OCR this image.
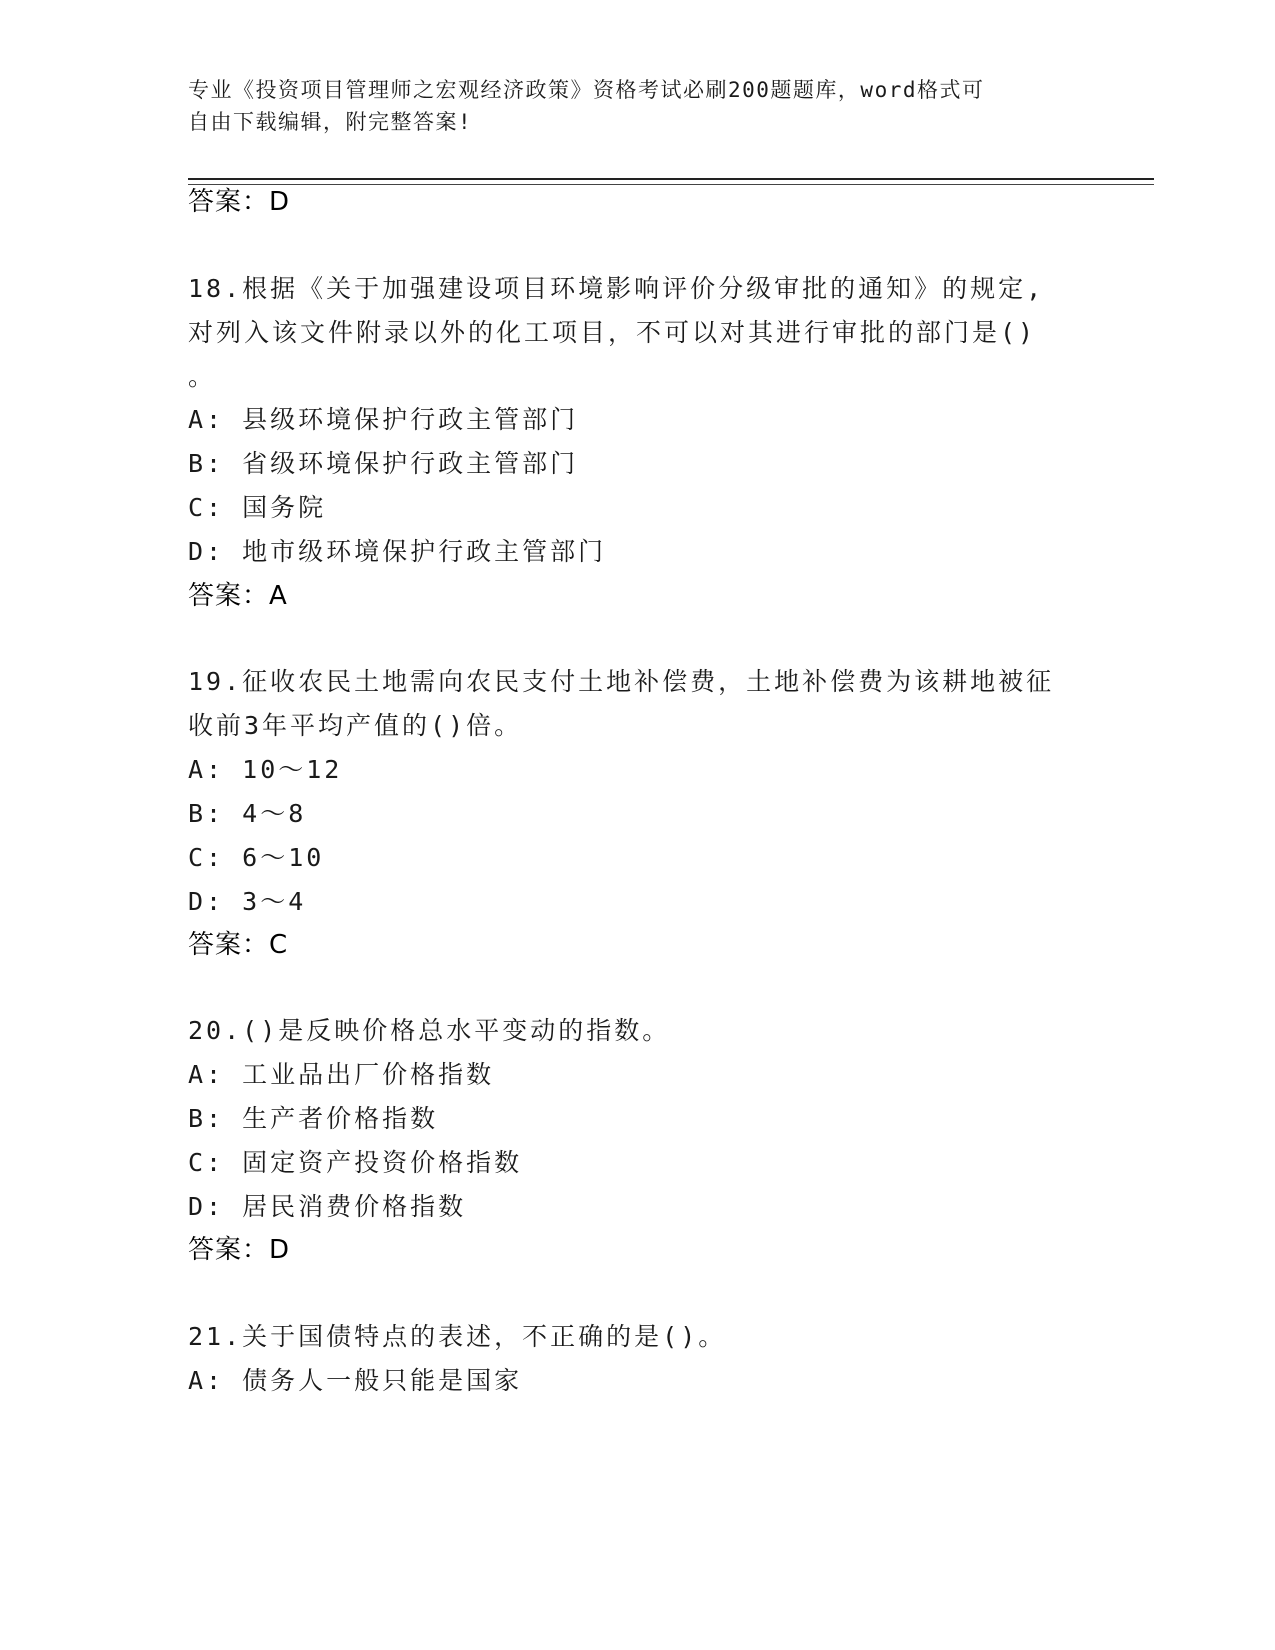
专业《投资项目管理师之宏观经济政策》资格考试必刷200题题库，word格式可
自由下载编辑，附完整答案!
答案：D
18.根据《关于加强建设项目环境影响评价分级审批的通知》的规定,
对列入该文件附录以外的化工项目，不可以对其进行审批的部门是()
。
A: 县级环境保护行政主管部门
B: 省级环境保护行政主管部门
C: 国务院
D: 地市级环境保护行政主管部门
答案：A
19.征收农民土地需向农民支付土地补偿费，土地补偿费为该耕地被征
收前3年平均产值的()倍。
A: 10～12
B: 4～8
C: 6～10
D: 3～4
答案：C
20.()是反映价格总水平变动的指数。
A: 工业品出厂价格指数
B: 生产者价格指数
C: 固定资产投资价格指数
D: 居民消费价格指数
答案：D
21.关于国债特点的表述，不正确的是()。
A: 债务人一般只能是国家
